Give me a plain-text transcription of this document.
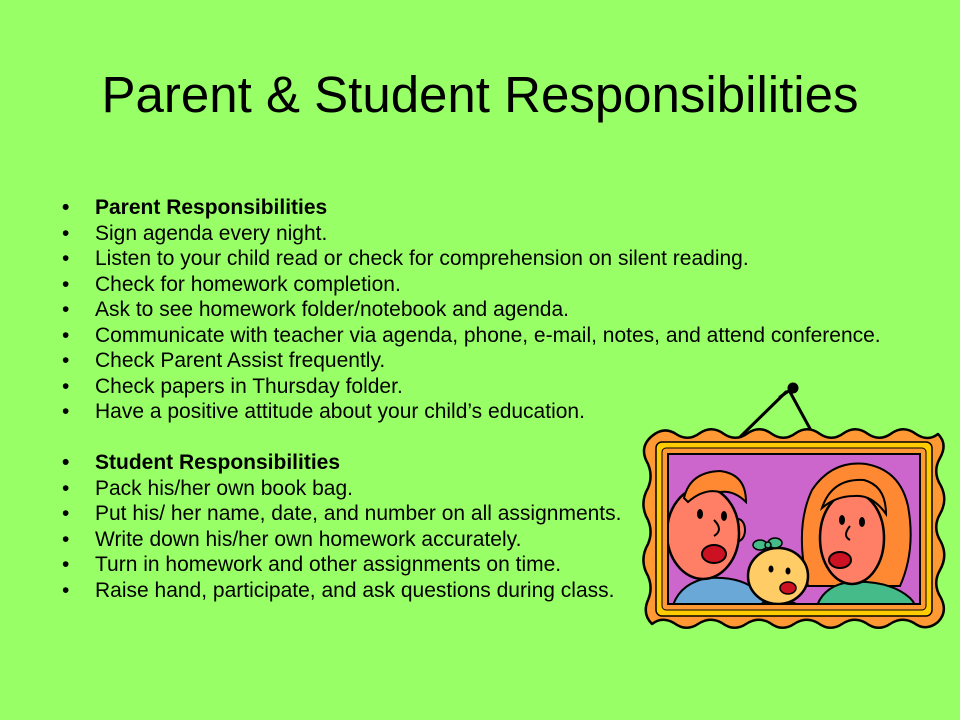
Parent & Student Responsibilities
• Parent Responsibilities
• Sign agenda every night.
• Listen to your child read or check for comprehension on silent reading.
• Check for homework completion.
• Ask to see homework folder/notebook and agenda.
• Communicate with teacher via agenda, phone, e-mail, notes, and attend conference.
• Check Parent Assist frequently.
• Check papers in Thursday folder.
• Have a positive attitude about your child’s education.
• Student Responsibilities
• Pack his/her own book bag.
• Put his/ her name, date, and number on all assignments.
• Write down his/her own homework accurately.
• Turn in homework and other assignments on time.
• Raise hand, participate, and ask questions during class.
